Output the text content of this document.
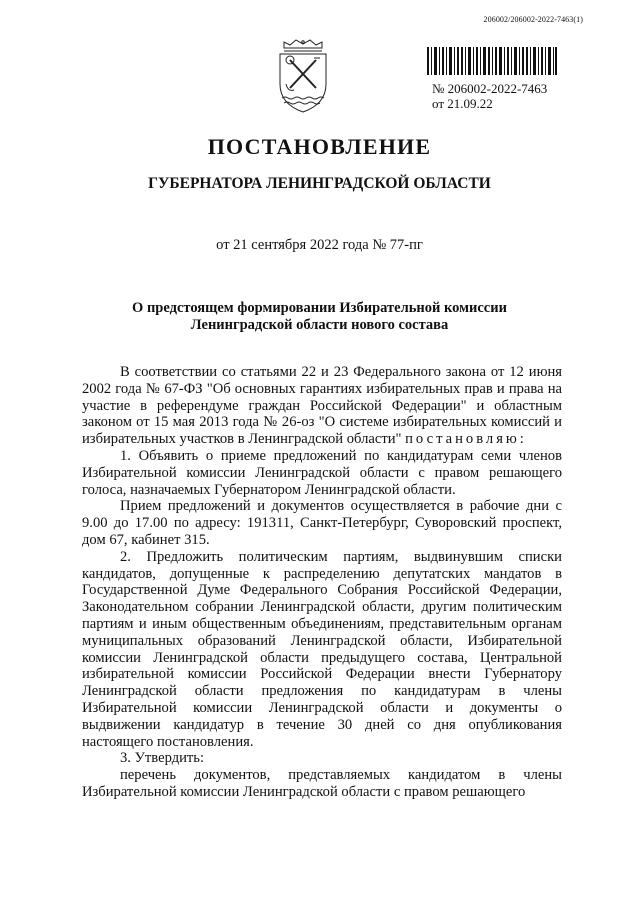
206002/206002-2022-7463(1)
№ 206002-2022-7463
от 21.09.22
ПОСТАНОВЛЕНИЕ
ГУБЕРНАТОРА ЛЕНИНГРАДСКОЙ ОБЛАСТИ
от 21 сентября 2022 года № 77-пг
О предстоящем формировании Избирательной комиссии
Ленинградской области нового состава

В соответствии со статьями 22 и 23 Федерального закона от 12 июня 2002 года № 67-ФЗ "Об основных гарантиях избирательных прав и права на участие в референдуме граждан Российской Федерации" и областным законом от 15 мая 2013 года № 26-оз "О системе избирательных комиссий и избирательных участков в Ленинградской области" постановляю:

1. Объявить о приеме предложений по кандидатурам семи членов Избирательной комиссии Ленинградской области с правом решающего голоса, назначаемых Губернатором Ленинградской области.

Прием предложений и документов осуществляется в рабочие дни с 9.00 до 17.00 по адресу: 191311, Санкт-Петербург, Суворовский проспект, дом 67, кабинет 315.

2. Предложить политическим партиям, выдвинувшим списки кандидатов, допущенные к распределению депутатских мандатов в Государственной Думе Федерального Собрания Российской Федерации, Законодательном собрании Ленинградской области, другим политическим партиям и иным общественным объединениям, представительным органам муниципальных образований Ленинградской области, Избирательной комиссии Ленинградской области предыдущего состава, Центральной избирательной комиссии Российской Федерации внести Губернатору Ленинградской области предложения по кандидатурам в члены Избирательной комиссии Ленинградской области и документы о выдвижении кандидатур в течение 30 дней со дня опубликования настоящего постановления.

3. Утвердить:

перечень документов, представляемых кандидатом в члены Избирательной комиссии Ленинградской области с правом решающего
